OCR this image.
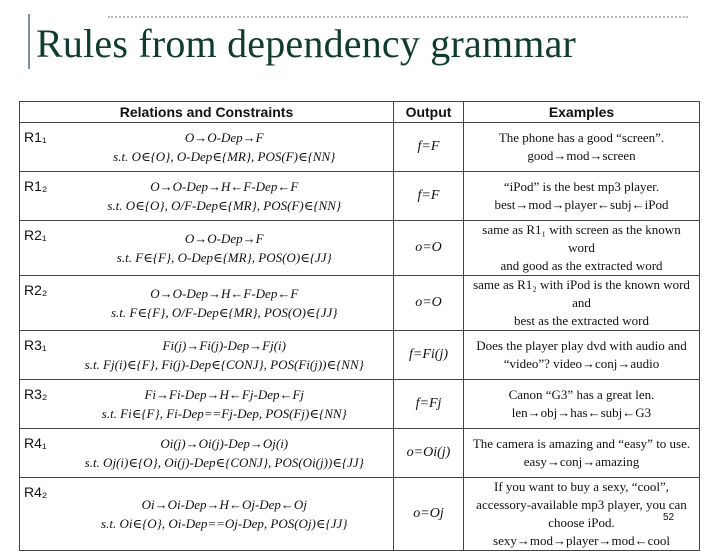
Rules from dependency grammar
Relations and Constraints		Output	Examples
R1₁	O→O-Dep→F
s.t. O∈{O}, O-Dep∈{MR}, POS(F)∈{NN}	f=F	The phone has a good “screen”.
good→mod→screen

R1₂	O→O-Dep→H←F-Dep←F
s.t. O∈{O}, O/F-Dep∈{MR}, POS(F)∈{NN}	f=F	“iPod” is the best mp3 player.
best→mod→player←subj←iPod

R2₁	O→O-Dep→F
s.t. F∈{F}, O-Dep∈{MR}, POS(O)∈{JJ}	o=O	same as R1₁ with screen as the known word
and good as the extracted word

R2₂	O→O-Dep→H←F-Dep←F
s.t. F∈{F}, O/F-Dep∈{MR}, POS(O)∈{JJ}	o=O	same as R1₂ with iPod is the known word and
best as the extracted word

R3₁	Fi(j)→Fi(j)-Dep→Fj(i)
s.t. Fj(i)∈{F}, Fi(j)-Dep∈{CONJ}, POS(Fi(j))∈{NN}	f=Fi(j)	Does the player play dvd with audio and
“video”? video→conj→audio

R3₂	Fi→Fi-Dep→H←Fj-Dep←Fj
s.t. Fi∈{F}, Fi-Dep==Fj-Dep, POS(Fj)∈{NN}	f=Fj	Canon “G3” has a great len.
len→obj→has←subj←G3

R4₁	Oi(j)→Oi(j)-Dep→Oj(i)
s.t. Oj(i)∈{O}, Oi(j)-Dep∈{CONJ}, POS(Oi(j))∈{JJ}	o=Oi(j)	The camera is amazing and “easy” to use.
easy→conj→amazing

R4₂	Oi→Oi-Dep→H←Oj-Dep←Oj
s.t. Oi∈{O}, Oi-Dep==Oj-Dep, POS(Oj)∈{JJ}	o=Oj	If you want to buy a sexy, “cool”, accessory-available mp3 player, you can choose iPod.
sexy→mod→player→mod←cool
52
